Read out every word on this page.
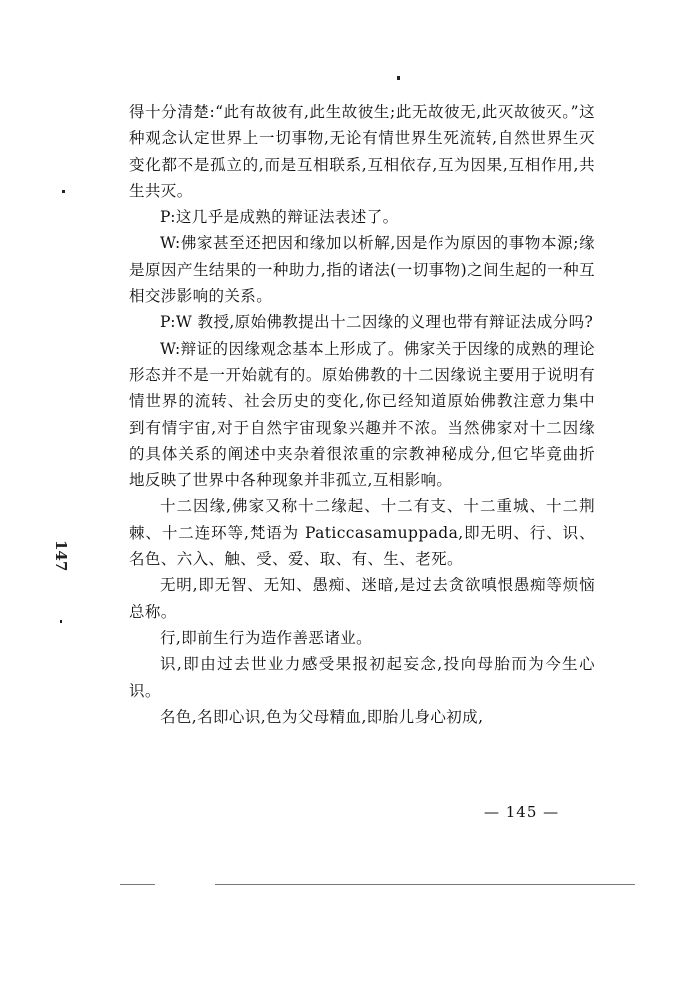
147

得十分清楚:“此有故彼有,此生故彼生;此无故彼无,此灭故彼灭。”这种观念认定世界上一切事物,无论有情世界生死流转,自然世界生灭变化都不是孤立的,而是互相联系,互相依存,互为因果,互相作用,共生共灭。

P:这几乎是成熟的辩证法表述了。

W:佛家甚至还把因和缘加以析解,因是作为原因的事物本源;缘是原因产生结果的一种助力,指的诸法(一切事物)之间生起的一种互相交涉影响的关系。

P:W 教授,原始佛教提出十二因缘的义理也带有辩证法成分吗?

W:辩证的因缘观念基本上形成了。佛家关于因缘的成熟的理论形态并不是一开始就有的。原始佛教的十二因缘说主要用于说明有情世界的流转、社会历史的变化,你已经知道原始佛教注意力集中到有情宇宙,对于自然宇宙现象兴趣并不浓。当然佛家对十二因缘的具体关系的阐述中夹杂着很浓重的宗教神秘成分,但它毕竟曲折地反映了世界中各种现象并非孤立,互相影响。

十二因缘,佛家又称十二缘起、十二有支、十二重城、十二荆棘、十二连环等,梵语为 Paticcasamuppada,即无明、行、识、名色、六入、触、受、爱、取、有、生、老死。

无明,即无智、无知、愚痴、迷暗,是过去贪欲嗔恨愚痴等烦恼总称。

行,即前生行为造作善恶诸业。

识,即由过去世业力感受果报初起妄念,投向母胎而为今生心识。

名色,名即心识,色为父母精血,即胎儿身心初成,

— 145 —
